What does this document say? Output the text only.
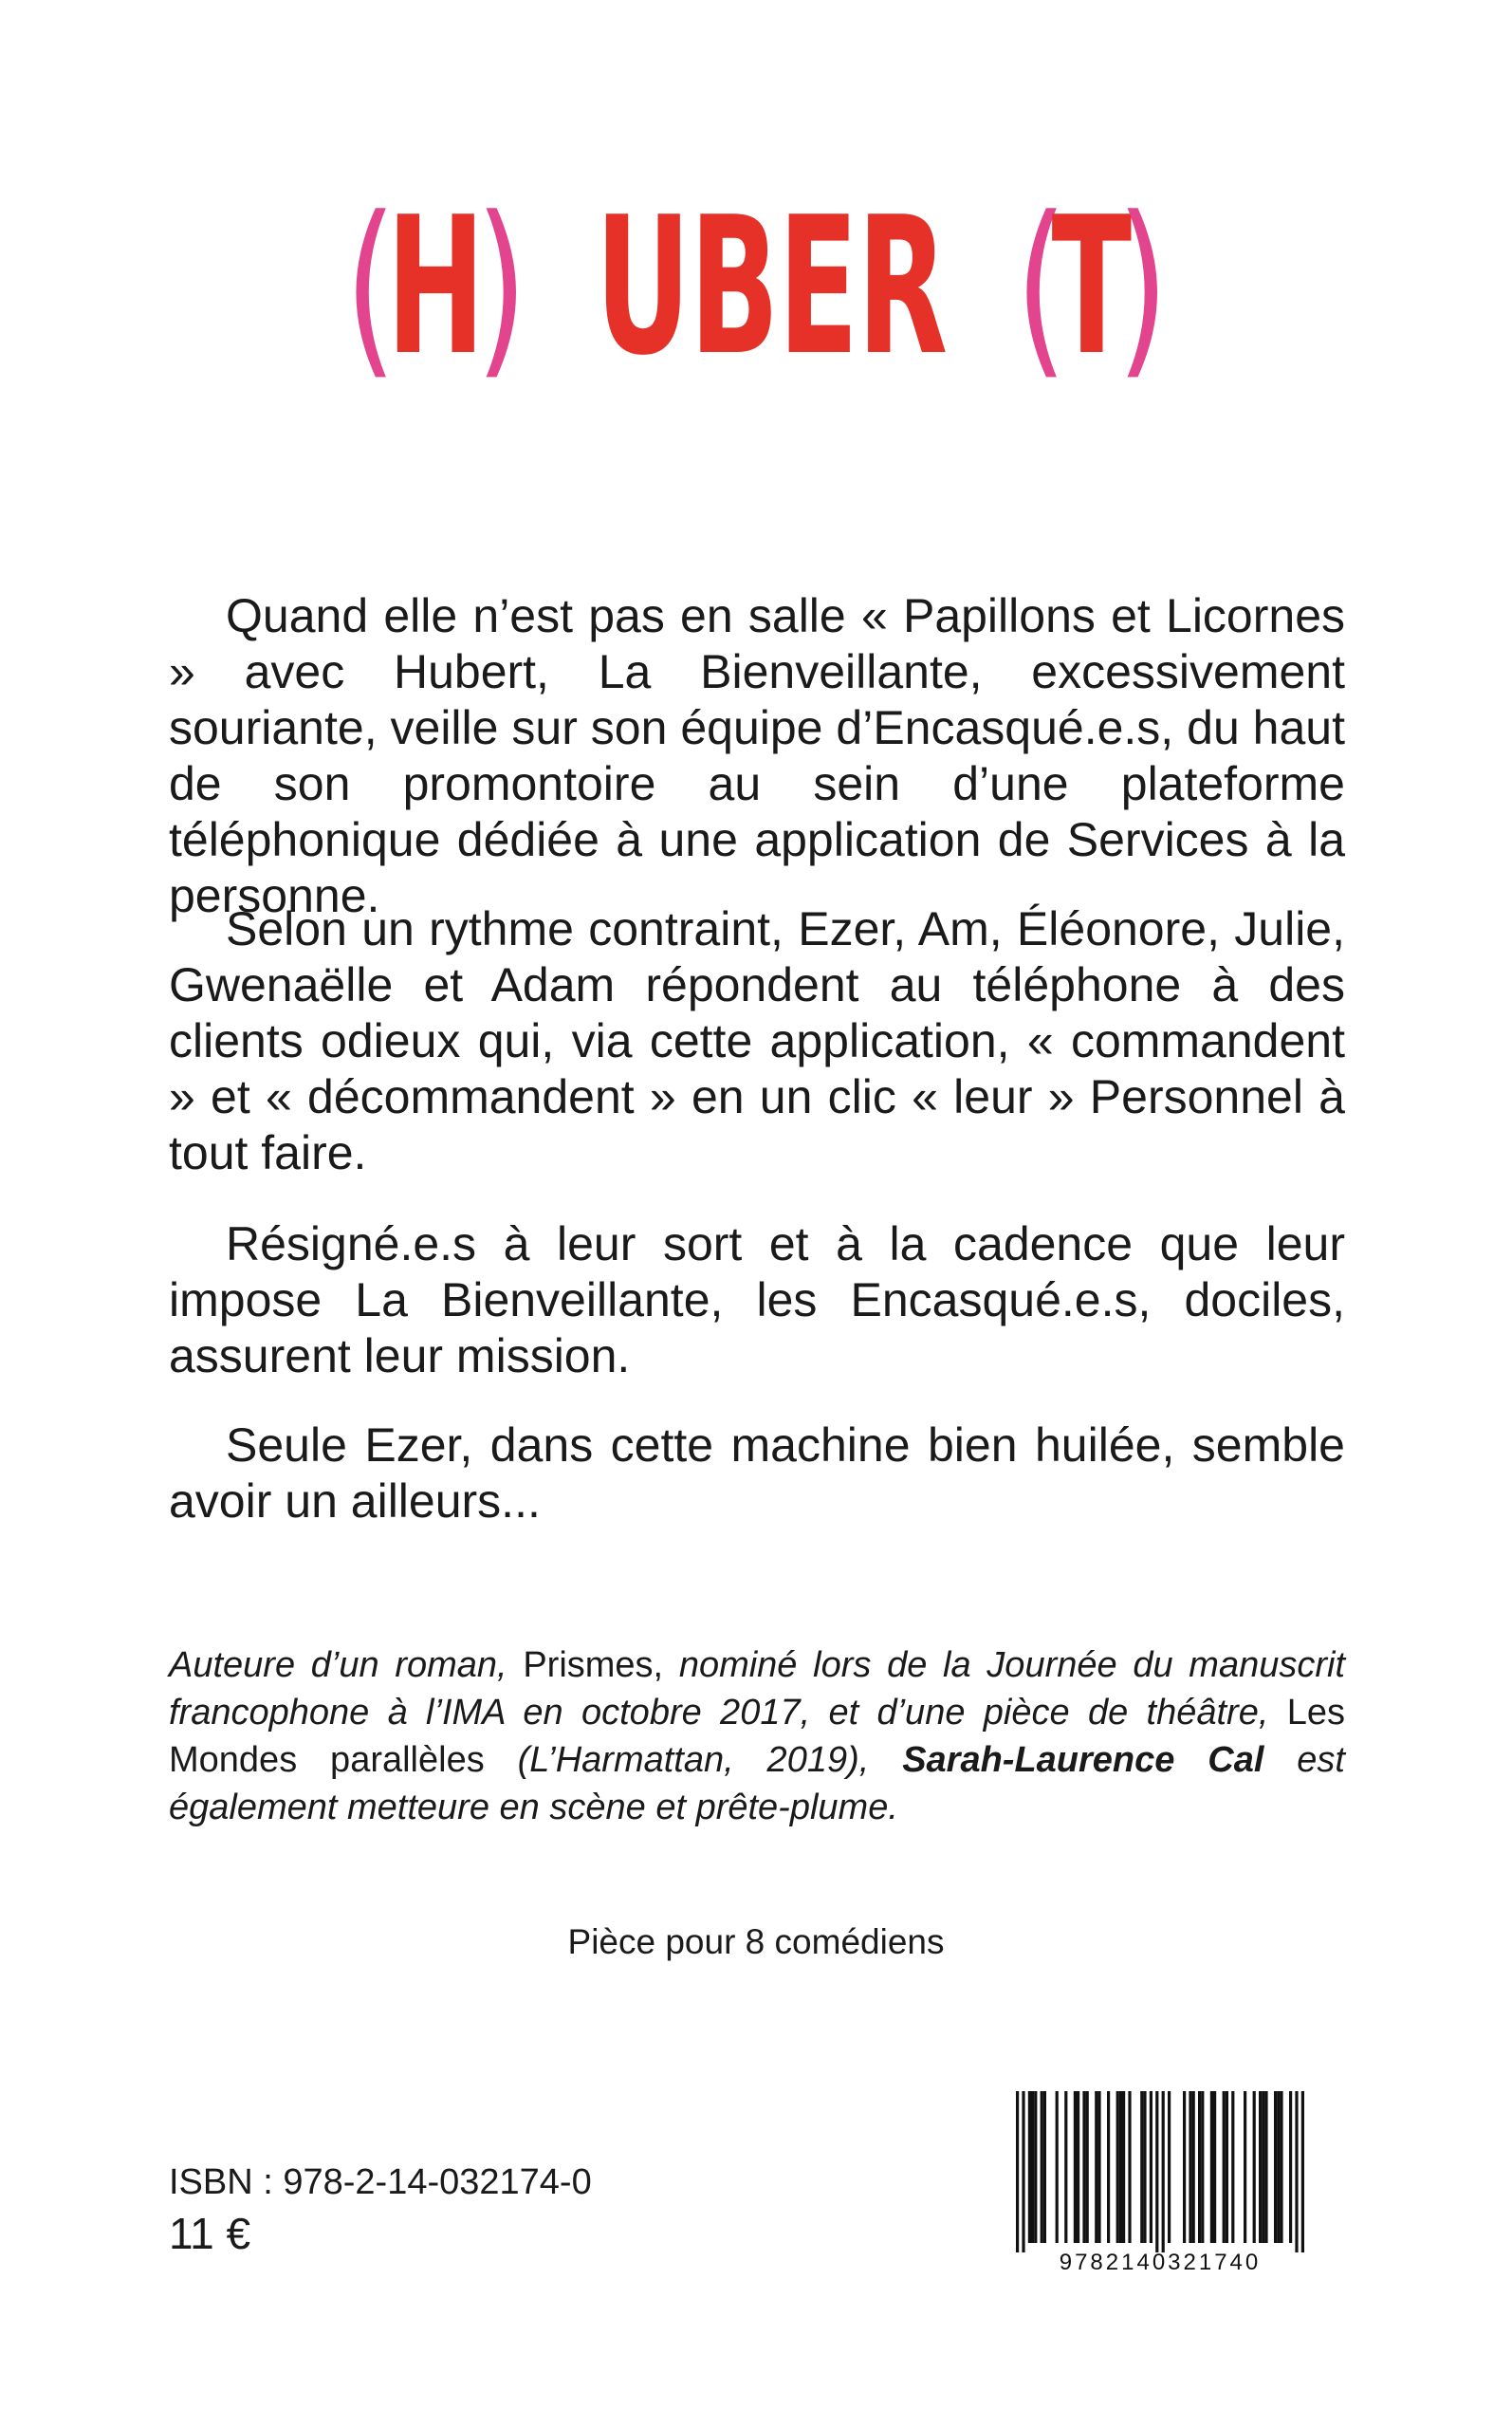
(H) UBER (T)

Quand elle n’est pas en salle « Papillons et Licornes » avec Hubert, La Bienveillante, excessivement souriante, veille sur son équipe d’Encasqué.e.s, du haut de son promontoire au sein d’une plateforme téléphonique dédiée à une application de Services à la personne.

Selon un rythme contraint, Ezer, Am, Éléonore, Julie, Gwenaëlle et Adam répondent au téléphone à des clients odieux qui, via cette application, « commandent » et « décommandent » en un clic « leur » Personnel à tout faire.

Résigné.e.s à leur sort et à la cadence que leur impose La Bienveillante, les Encasqué.e.s, dociles, assurent leur mission.

Seule Ezer, dans cette machine bien huilée, semble avoir un ailleurs...

Auteure d’un roman, Prismes, nominé lors de la Journée du manuscrit francophone à l’IMA en octobre 2017, et d’une pièce de théâtre, Les Mondes parallèles (L’Harmattan, 2019), Sarah-Laurence Cal est également metteure en scène et prête-plume.

Pièce pour 8 comédiens
ISBN : 978-2-14-032174-0
11 €
9782140321740
